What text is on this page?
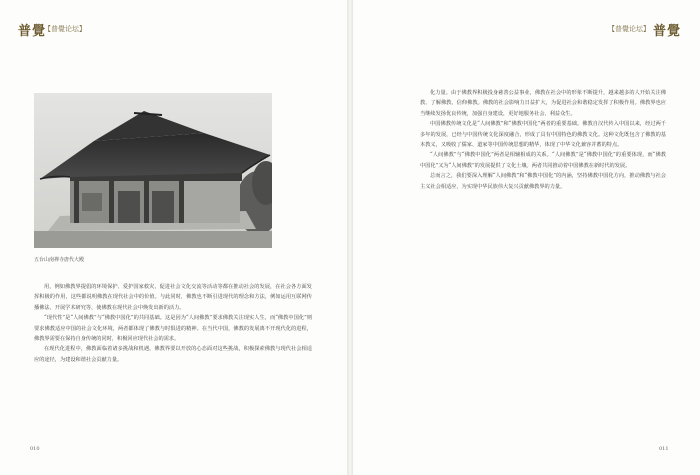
普覺
【普覺论坛】
五台山南禅寺唐代大殿

用，例如佛教界提倡的环境保护、爱护国家救灾、促进社会文化交流等活动等都在推动社会的发展，在社会各方面发挥积极的作用，这些都说明佛教在现代社会中的价值。与此同时，佛教也不断引进现代的理念和方法，例如运用互联网传播佛法、开展学术研究等，使佛教在现代社会中焕发出新的活力。

“现代性”是“人间佛教”与“佛教中国化”的共同基础。这是因为“人间佛教”要求佛教关注现实人生，而“佛教中国化”则要求佛教适应中国的社会文化环境，两者都体现了佛教与时俱进的精神。在当代中国，佛教的发展离不开现代化的进程，佛教界需要在保持自身传统的同时，积极回应现代社会的需求。

在现代化进程中，佛教面临着诸多挑战和机遇。佛教界要以开放的心态面对这些挑战，积极探索佛教与现代社会相适应的途径，为建设和谐社会贡献力量。

010
【普覺论坛】 普覺

化力量。由于佛教界积极投身慈善公益事业，佛教在社会中的形象不断提升，越来越多的人开始关注佛教、了解佛教、信仰佛教。佛教的社会影响力日益扩大，为促进社会和谐稳定发挥了积极作用。佛教界也应当继续发扬优良传统，加强自身建设，更好地服务社会、利益众生。

中国佛教传统文化是“人间佛教”和“佛教中国化”两者的重要基础。佛教自汉代传入中国以来，经过两千多年的发展，已经与中国传统文化深度融合，形成了具有中国特色的佛教文化。这种文化既包含了佛教的基本教义，又吸收了儒家、道家等中国传统思想的精华，体现了中华文化兼容并蓄的特点。

“人间佛教”与“佛教中国化”两者是相辅相成的关系。“人间佛教”是“佛教中国化”的重要体现，而“佛教中国化”又为“人间佛教”的发展提供了文化土壤。两者共同推动着中国佛教在新时代的发展。

总而言之，我们要深入理解“人间佛教”和“佛教中国化”的内涵，坚持佛教中国化方向，推动佛教与社会主义社会相适应，为实现中华民族伟大复兴贡献佛教界的力量。

011
